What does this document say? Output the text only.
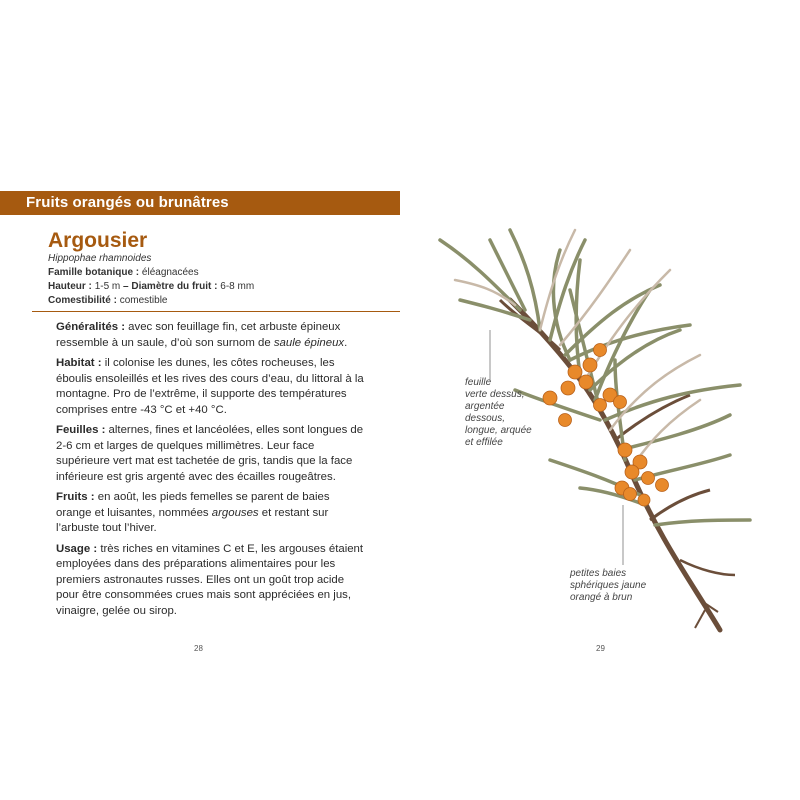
Fruits orangés ou brunâtres
Argousier
Hippophae rhamnoides
Famille botanique : éléagnacées
Hauteur : 1-5 m – Diamètre du fruit : 6-8 mm
Comestibilité : comestible

Généralités : avec son feuillage fin, cet arbuste épineux ressemble à un saule, d’où son surnom de saule épineux.

Habitat : il colonise les dunes, les côtes rocheuses, les éboulis ensoleillés et les rives des cours d’eau, du littoral à la montagne. Pro de l’extrême, il supporte des températures comprises entre -43 °C et +40 °C.

Feuilles : alternes, fines et lancéolées, elles sont longues de 2-6 cm et larges de quelques millimètres. Leur face supérieure vert mat est tachetée de gris, tandis que la face inférieure est gris argenté avec des écailles rougeâtres.

Fruits : en août, les pieds femelles se parent de baies orange et luisantes, nommées argouses et restant sur l’arbuste tout l’hiver.

Usage : très riches en vitamines C et E, les argouses étaient employées dans des préparations alimentaires pour les premiers astronautes russes. Elles ont un goût trop acide pour être consommées crues mais sont appréciées en jus, vinaigre, gelée ou sirop.

28
feuille
verte dessus,
argentée
dessous,
longue, arquée
et effilée
petites baies
sphériques jaune
orangé à brun
29
